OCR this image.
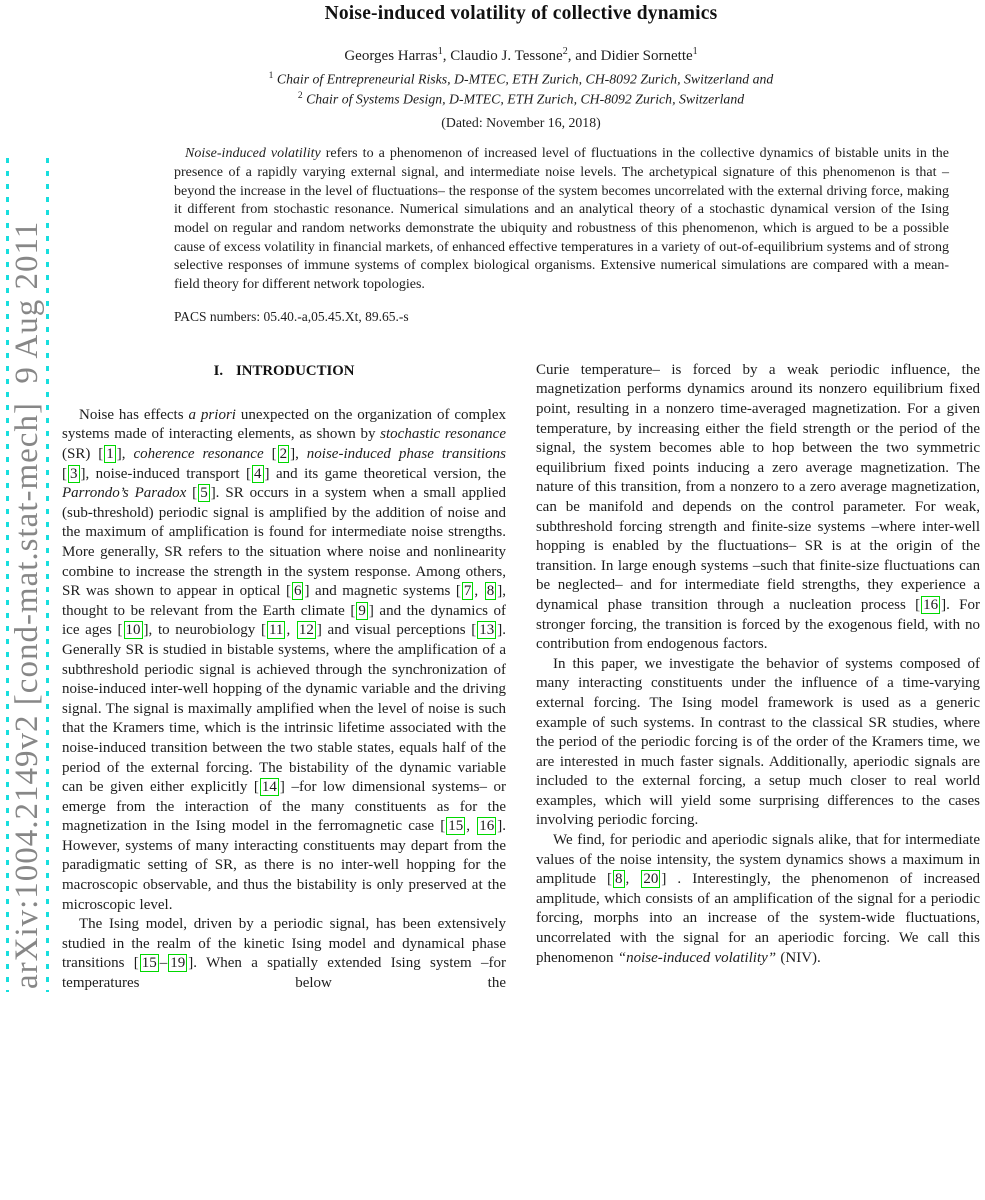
arXiv:1004.2149v2 [cond-mat.stat-mech]  9 Aug 2011
Noise-induced volatility of collective dynamics
Georges Harras$^1$, Claudio J. Tessone$^2$, and Didier Sornette$^1$
$^1$ Chair of Entrepreneurial Risks, D-MTEC, ETH Zurich, CH-8092 Zurich, Switzerland and
$^2$ Chair of Systems Design, D-MTEC, ETH Zurich, CH-8092 Zurich, Switzerland
(Dated: November 16, 2018)

Noise-induced volatility refers to a phenomenon of increased level of fluctuations in the collective dynamics of bistable units in the presence of a rapidly varying external signal, and intermediate noise levels. The archetypical signature of this phenomenon is that –beyond the increase in the level of fluctuations– the response of the system becomes uncorrelated with the external driving force, making it different from stochastic resonance. Numerical simulations and an analytical theory of a stochastic dynamical version of the Ising model on regular and random networks demonstrate the ubiquity and robustness of this phenomenon, which is argued to be a possible cause of excess volatility in financial markets, of enhanced effective temperatures in a variety of out-of-equilibrium systems and of strong selective responses of immune systems of complex biological organisms. Extensive numerical simulations are compared with a mean-field theory for different network topologies.

PACS numbers: 05.40.-a,05.45.Xt, 89.65.-s
I. INTRODUCTION

Noise has effects a priori unexpected on the organization of complex systems made of interacting elements, as shown by stochastic resonance (SR) [ 1 ], coherence resonance [ 2 ], noise-induced phase transitions [ 3 ], noise-induced transport [ 4 ] and its game theoretical version, the Parrondo’s Paradox [ 5 ]. SR occurs in a system when a small applied (sub-threshold) periodic signal is amplified by the addition of noise and the maximum of amplification is found for intermediate noise strengths. More generally, SR refers to the situation where noise and nonlinearity combine to increase the strength in the system response. Among others, SR was shown to appear in optical [ 6 ] and magnetic systems [ 7 , 8 ], thought to be relevant from the Earth climate [ 9 ] and the dynamics of ice ages [ 10 ], to neurobiology [ 11 , 12 ] and visual perceptions [ 13 ]. Generally SR is studied in bistable systems, where the amplification of a subthreshold periodic signal is achieved through the synchronization of noise-induced inter-well hopping of the dynamic variable and the driving signal. The signal is maximally amplified when the level of noise is such that the Kramers time, which is the intrinsic lifetime associated with the noise-induced transition between the two stable states, equals half of the period of the external forcing. The bistability of the dynamic variable can be given either explicitly [ 14 ] –for low dimensional systems– or emerge from the interaction of the many constituents as for the magnetization in the Ising model in the ferromagnetic case [ 15 , 16 ]. However, systems of many interacting constituents may depart from the paradigmatic setting of SR, as there is no inter-well hopping for the macroscopic observable, and thus the bistability is only preserved at the microscopic level.

The Ising model, driven by a periodic signal, has been extensively studied in the realm of the kinetic Ising model and dynamical phase transitions [ 15 – 19 ]. When a spatially extended Ising system –for temperatures below the

Curie temperature– is forced by a weak periodic influence, the magnetization performs dynamics around its nonzero equilibrium fixed point, resulting in a nonzero time-averaged magnetization. For a given temperature, by increasing either the field strength or the period of the signal, the system becomes able to hop between the two symmetric equilibrium fixed points inducing a zero average magnetization. The nature of this transition, from a nonzero to a zero average magnetization, can be manifold and depends on the control parameter. For weak, subthreshold forcing strength and finite-size systems –where inter-well hopping is enabled by the fluctuations– SR is at the origin of the transition. In large enough systems –such that finite-size fluctuations can be neglected– and for intermediate field strengths, they experience a dynamical phase transition through a nucleation process [ 16 ]. For stronger forcing, the transition is forced by the exogenous field, with no contribution from endogenous factors.

In this paper, we investigate the behavior of systems composed of many interacting constituents under the influence of a time-varying external forcing. The Ising model framework is used as a generic example of such systems. In contrast to the classical SR studies, where the period of the periodic forcing is of the order of the Kramers time, we are interested in much faster signals. Additionally, aperiodic signals are included to the external forcing, a setup much closer to real world examples, which will yield some surprising differences to the cases involving periodic forcing.

We find, for periodic and aperiodic signals alike, that for intermediate values of the noise intensity, the system dynamics shows a maximum in amplitude [ 8 , 20 ] . Interestingly, the phenomenon of increased amplitude, which consists of an amplification of the signal for a periodic forcing, morphs into an increase of the system-wide fluctuations, uncorrelated with the signal for an aperiodic forcing. We call this phenomenon “noise-induced volatility” (NIV).
